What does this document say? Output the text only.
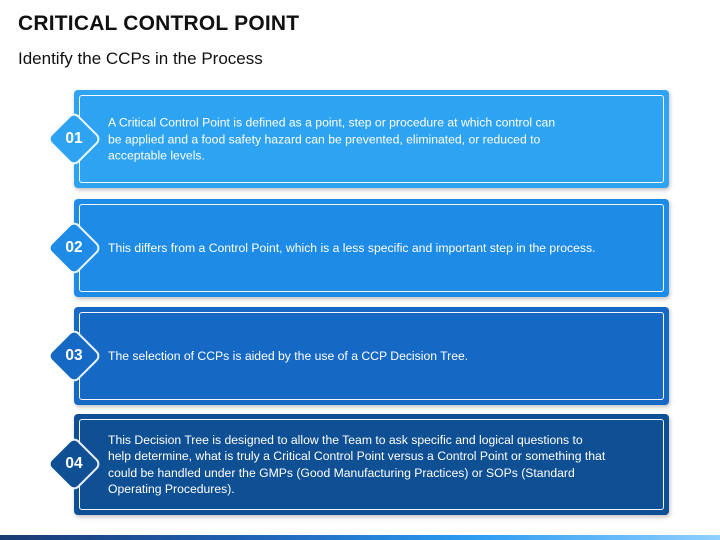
CRITICAL CONTROL POINT
Identify the CCPs in the Process
A Critical Control Point is defined as a point, step or procedure at which control can be applied and a food safety hazard can be prevented, eliminated, or reduced to acceptable levels.
01
This differs from a Control Point, which is a less specific and important step in the process.
02
The selection of CCPs is aided by the use of a CCP Decision Tree.
03
This Decision Tree is designed to allow the Team to ask specific and logical questions to help determine, what is truly a Critical Control Point versus a Control Point or something that could be handled under the GMPs (Good Manufacturing Practices) or SOPs (Standard Operating Procedures).
04
